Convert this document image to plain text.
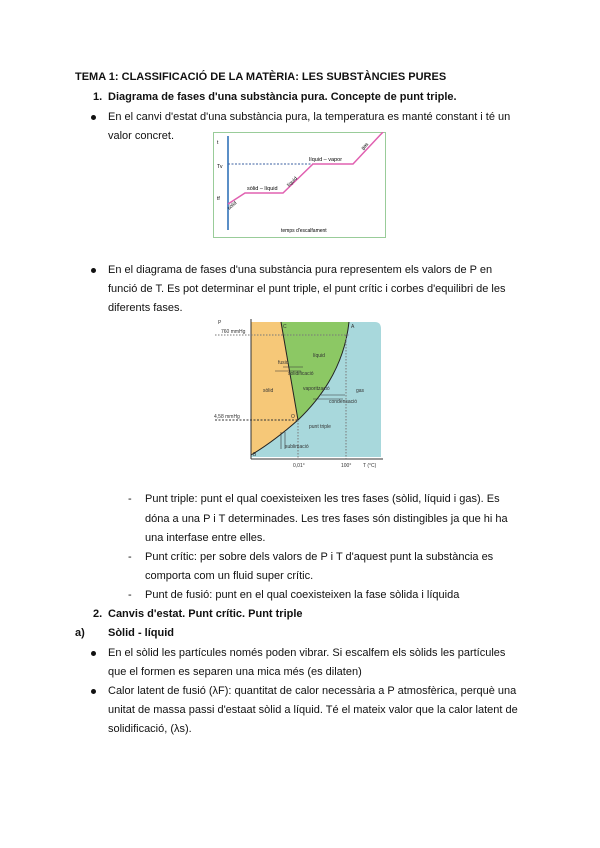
TEMA 1: CLASSIFICACIÓ DE LA MATÈRIA: LES SUBSTÀNCIES PURES
1. Diagrama de fases d'una substància pura. Concepte de punt triple.
En el canvi d'estat d'una substància pura, la temperatura es manté constant i té un
valor concret.
t
Tv
tf
sòlid
sòlid – líquid
líquid
líquid – vapor
gas
temps d'escalfament
En el diagrama de fases d'una substància pura representem els valors de P en
funció de T. Es pot determinar el punt triple, el punt crític i corbes d'equilibri de les
diferents fases.
P
760 mmHg
4,58 mmHg
C	A
O
B
líquid
sòlid	gas
fusió
solidificació
vaporització
condensació
punt triple
sublimació
0,01°	100° T (°C)
- Punt triple: punt el qual coexisteixen les tres fases (sòlid, líquid i gas). Es
dóna a una P i T determinades. Les tres fases són distingibles ja que hi ha
una interfase entre elles.
- Punt crític: per sobre dels valors de P i T d'aquest punt la substància es
comporta com un fluid super crític.
- Punt de fusió: punt en el qual coexisteixen la fase sòlida i líquida
2. Canvis d'estat. Punt crític. Punt triple
a) Sòlid - líquid
En el sòlid les partícules només poden vibrar. Si escalfem els sòlids les partícules
que el formen es separen una mica més (es dilaten)
Calor latent de fusió (λF): quantitat de calor necessària a P atmosfèrica, perquè una
unitat de massa passi d'estaat sòlid a líquid. Té el mateix valor que la calor latent de
solidificació, (λs).
